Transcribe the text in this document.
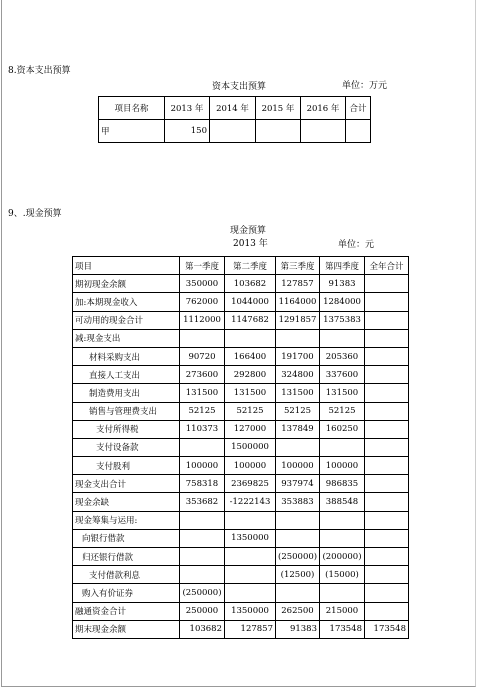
8.资本支出预算
资本支出预算	单位：万元
项目名称	2013 年	2014 年	2015 年	2016 年	合计
甲	150				
9、.现金预算
现金预算
2013 年	单位：元
项目	第一季度	第二季度	第三季度	第四季度	全年合计
期初现金余额	350000	103682	127857	91383	
加:本期现金收入	762000	1044000	1164000	1284000	
可动用的现金合计	1112000	1147682	1291857	1375383	
减:现金支出					
材料采购支出	90720	166400	191700	205360	
直接人工支出	273600	292800	324800	337600	
制造费用支出	131500	131500	131500	131500	
销售与管理费支出	52125	52125	52125	52125	
支付所得税	110373	127000	137849	160250	
支付设备款		1500000			
支付股利	100000	100000	100000	100000	
现金支出合计	758318	2369825	937974	986835	
现金余缺	353682	-1222143	353883	388548	
现金筹集与运用:					
向银行借款		1350000			
归还银行借款			(250000)	(200000)	
支付借款利息			(12500)	(15000)	
购入有价证券	(250000)				
融通资金合计	250000	1350000	262500	215000	
期末现金余额	103682	127857	91383	173548	173548
